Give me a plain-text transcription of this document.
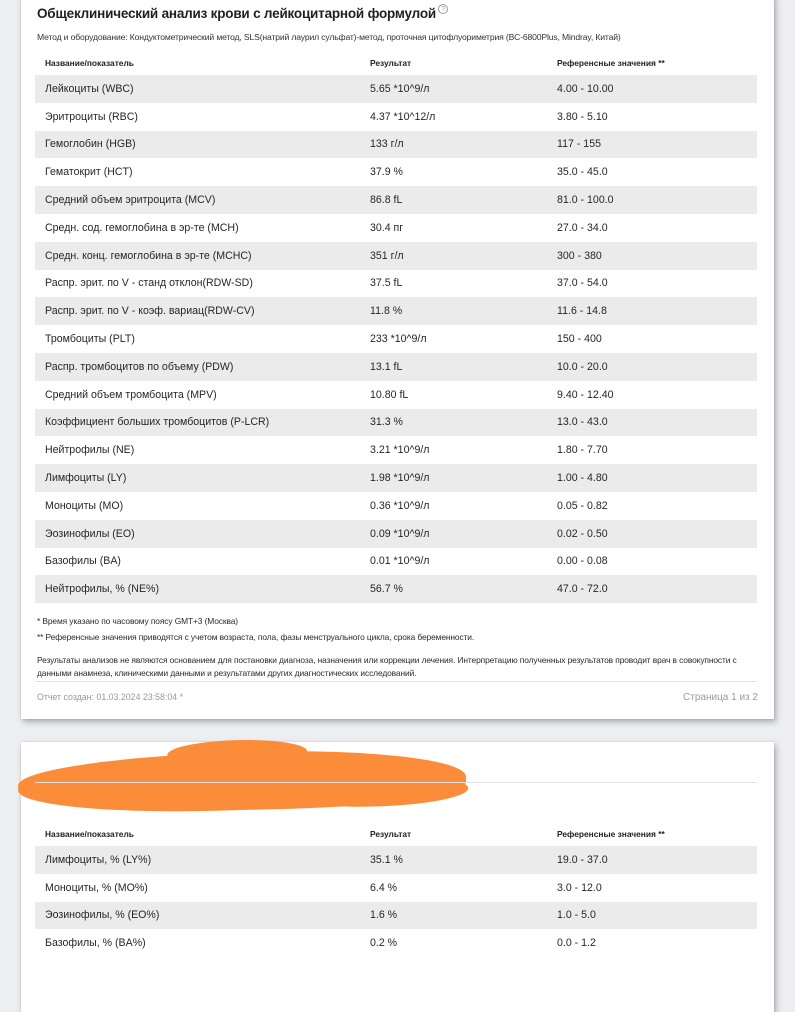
Общеклинический анализ крови с лейкоцитарной формулой ?
Метод и оборудование: Кондуктометрический метод, SLS(натрий лаурил сульфат)-метод, проточная цитофлуориметрия (BC-6800Plus, Mindray, Китай)
Название/показатель	Результат	Референсные значения **
Лейкоциты (WBC)	5.65 *10^9/л	4.00 - 10.00
Эритроциты (RBC)	4.37 *10^12/л	3.80 - 5.10
Гемоглобин (HGB)	133 г/л	117 - 155
Гематокрит (HCT)	37.9 %	35.0 - 45.0
Средний объем эритроцита (MCV)	86.8 fL	81.0 - 100.0
Средн. сод. гемоглобина в эр-те (MCH)	30.4 пг	27.0 - 34.0
Средн. конц. гемоглобина в эр-те (MCHC)	351 г/л	300 - 380
Распр. эрит. по V - станд отклон(RDW-SD)	37.5 fL	37.0 - 54.0
Распр. эрит. по V - коэф. вариац(RDW-CV)	11.8 %	11.6 - 14.8
Тромбоциты (PLT)	233 *10^9/л	150 - 400
Распр. тромбоцитов по объему (PDW)	13.1 fL	10.0 - 20.0
Средний объем тромбоцита (MPV)	10.80 fL	9.40 - 12.40
Коэффициент больших тромбоцитов (P-LCR)	31.3 %	13.0 - 43.0
Нейтрофилы (NE)	3.21 *10^9/л	1.80 - 7.70
Лимфоциты (LY)	1.98 *10^9/л	1.00 - 4.80
Моноциты (MO)	0.36 *10^9/л	0.05 - 0.82
Эозинофилы (EO)	0.09 *10^9/л	0.02 - 0.50
Базофилы (BA)	0.01 *10^9/л	0.00 - 0.08
Нейтрофилы, % (NE%)	56.7 %	47.0 - 72.0

* Время указано по часовому поясу GMT+3 (Москва)

** Референсные значения приводятся с учетом возраста, пола, фазы менструального цикла, срока беременности.

Результаты анализов не являются основанием для постановки диагноза, назначения или коррекции лечения. Интерпретацию полученных результатов проводит врач в совокупности с данными анамнеза, клиническими данными и результатами других диагностических исследований.

Отчет создан: 01.03.2024 23:58:04 *	Страница 1 из 2
Название/показатель	Результат	Референсные значения **
Лимфоциты, % (LY%)	35.1 %	19.0 - 37.0
Моноциты, % (MO%)	6.4 %	3.0 - 12.0
Эозинофилы, % (EO%)	1.6 %	1.0 - 5.0
Базофилы, % (BA%)	0.2 %	0.0 - 1.2
